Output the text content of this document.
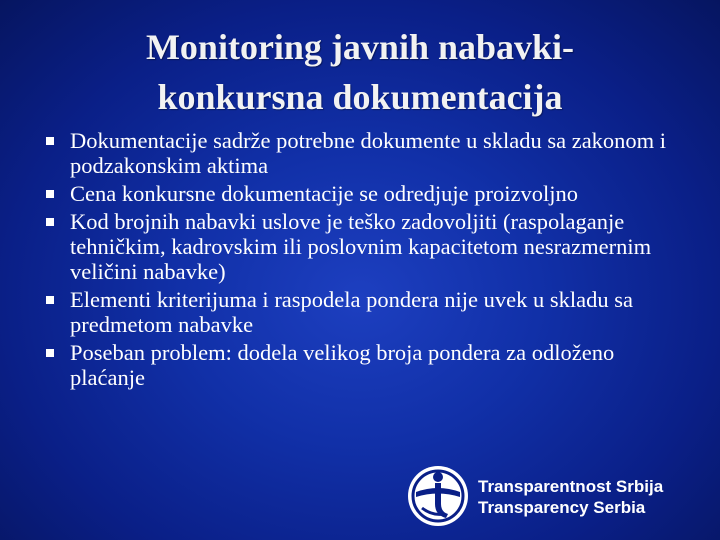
Monitoring javnih nabavki-
konkursna dokumentacija
Dokumentacije sadrže potrebne dokumente u skladu sa zakonom i podzakonskim aktima
Cena konkursne dokumentacije se odredjuje proizvoljno
Kod brojnih nabavki uslove je teško zadovoljiti (raspolaganje tehničkim, kadrovskim ili poslovnim kapacitetom nesrazmernim veličini nabavke)
Elementi kriterijuma i raspodela pondera nije uvek u skladu sa predmetom nabavke
Poseban problem: dodela velikog broja pondera za odloženo plaćanje
Transparentnost Srbija
Transparency Serbia
